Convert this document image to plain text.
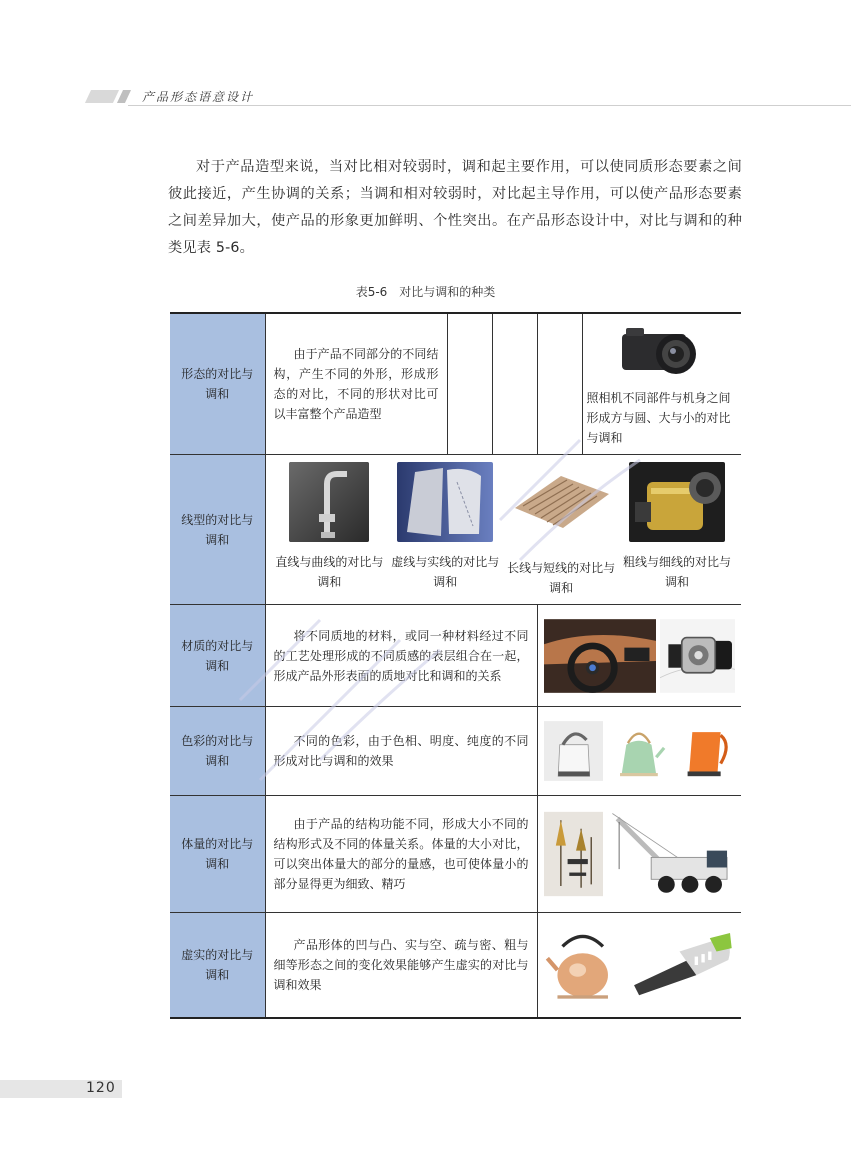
产品形态语意设计

对于产品造型来说，当对比相对较弱时，调和起主要作用，可以使同质形态要素之间彼此接近，产生协调的关系；当调和相对较弱时，对比起主导作用，可以使产品形态要素之间差异加大，使产品的形象更加鲜明、个性突出。在产品形态设计中，对比与调和的种类见表 5-6。

表5-6　对比与调和的种类
形态的对比与调和	由于产品不同部分的不同结构，产生不同的外形，形成形态的对比，不同的形状对比可以丰富整个产品造型				照相机不同部件与机身之间形成方与圆、大与小的对比与调和

线型的对比与调和	直线与曲线的对比与调和
虚线与实线的对比与调和
长线与短线的对比与调和
粗线与细线的对比与调和				

材质的对比与调和	将不同质地的材料，或同一种材料经过不同的工艺处理形成的不同质感的表层组合在一起，形成产品外形表面的质地对比和调和的关系	

色彩的对比与调和	不同的色彩，由于色相、明度、纯度的不同形成对比与调和的效果	

体量的对比与调和	由于产品的结构功能不同，形成大小不同的结构形式及不同的体量关系。体量的大小对比，可以突出体量大的部分的量感，也可使体量小的部分显得更为细致、精巧	

虚实的对比与调和	产品形体的凹与凸、实与空、疏与密、粗与细等形态之间的变化效果能够产生虚实的对比与调和效果	
120
